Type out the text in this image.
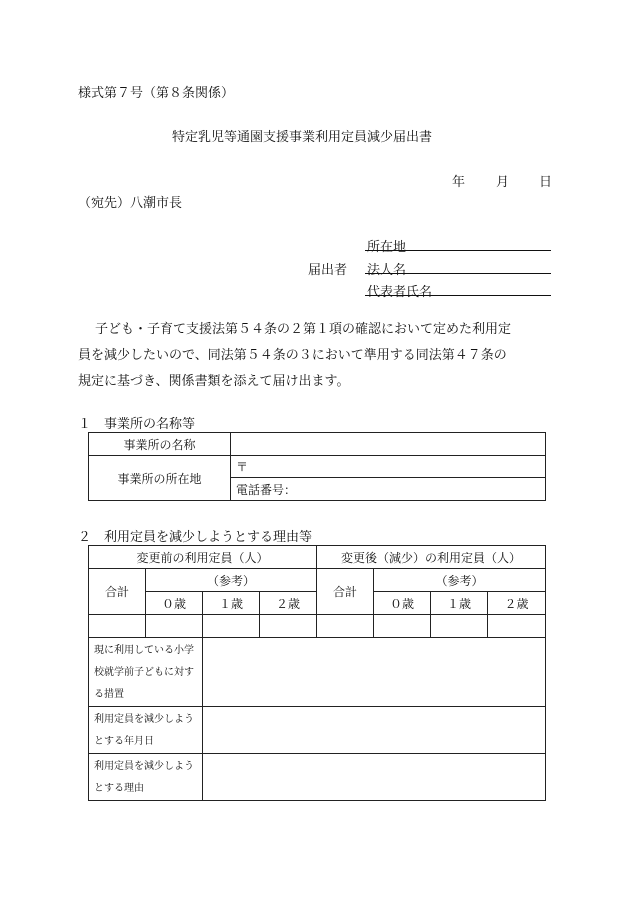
様式第７号（第８条関係）
特定乳児等通園支援事業利用定員減少届出書
年 月 日
（宛先）八潮市長
所在地
届出者 法人名
代表者氏名
子ども・子育て支援法第５４条の２第１項の確認において定めた利用定
員を減少したいので、同法第５４条の３において準用する同法第４７条の
規定に基づき、関係書類を添えて届け出ます。
１　事業所の名称等
事業所の名称	
事業所の所在地	〒
	電話番号：
２　利用定員を減少しようとする理由等
変更前の利用定員（人）				変更後（減少）の利用定員（人）			
合計	（参考）			合計	（参考）		
	０歳	１歳	２歳		０歳	１歳	２歳

現に利用している小学校就学前子どもに対する措置							
利用定員を減少しようとする年月日							
利用定員を減少しようとする理由							
